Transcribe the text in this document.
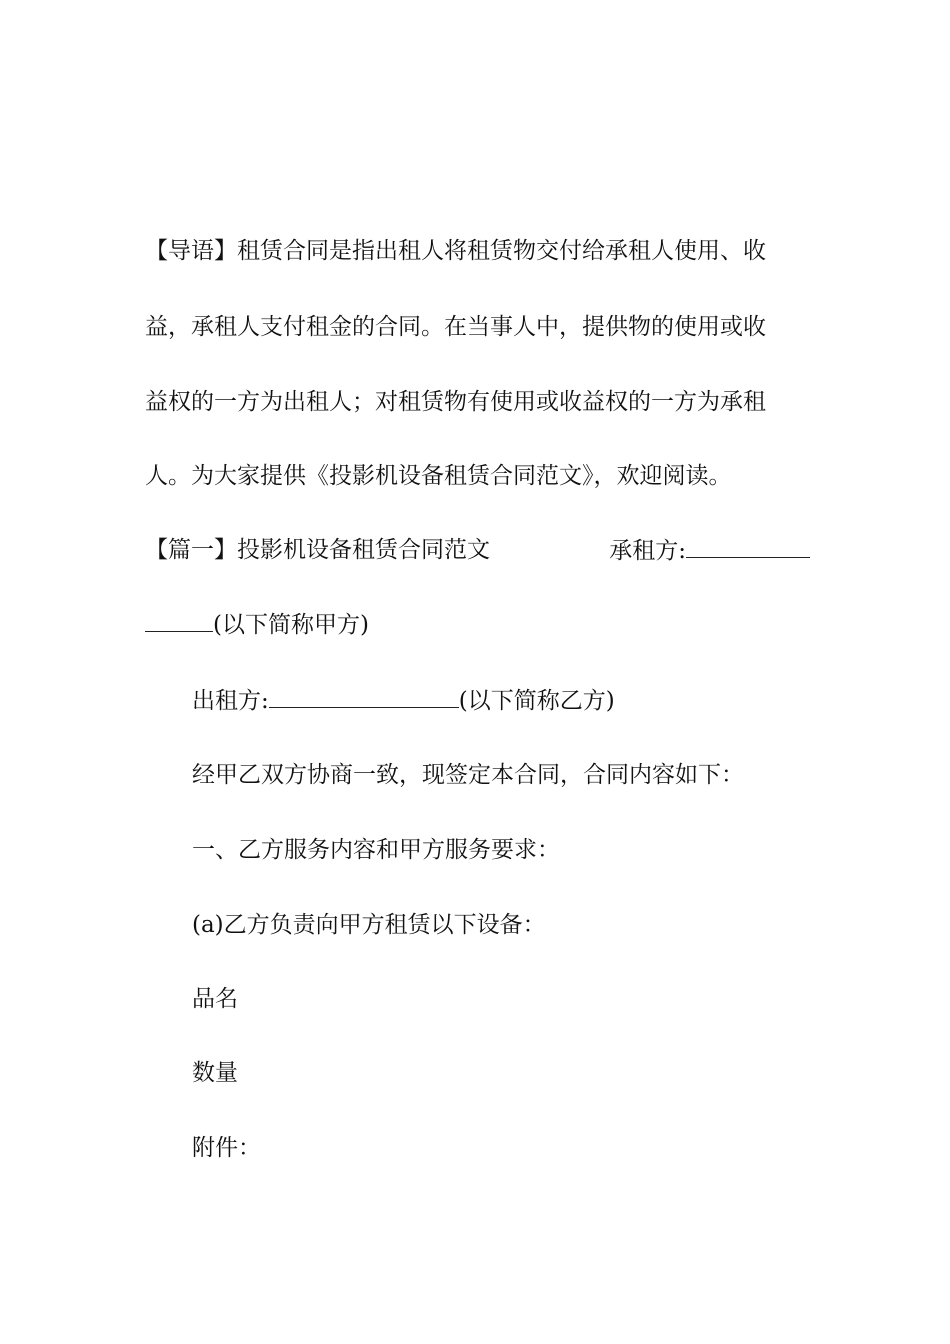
【导语】租赁合同是指出租人将租赁物交付给承租人使用、收
益，承租人支付租金的合同。在当事人中，提供物的使用或收
益权的一方为出租人；对租赁物有使用或收益权的一方为承租
人。为大家提供《投影机设备租赁合同范文》，欢迎阅读。
【篇一】投影机设备租赁合同范文	承租方:
(以下简称甲方)
出租方:	(以下简称乙方)
经甲乙双方协商一致，现签定本合同，合同内容如下：
一、乙方服务内容和甲方服务要求：
(a)乙方负责向甲方租赁以下设备：
品名
数量
附件：
